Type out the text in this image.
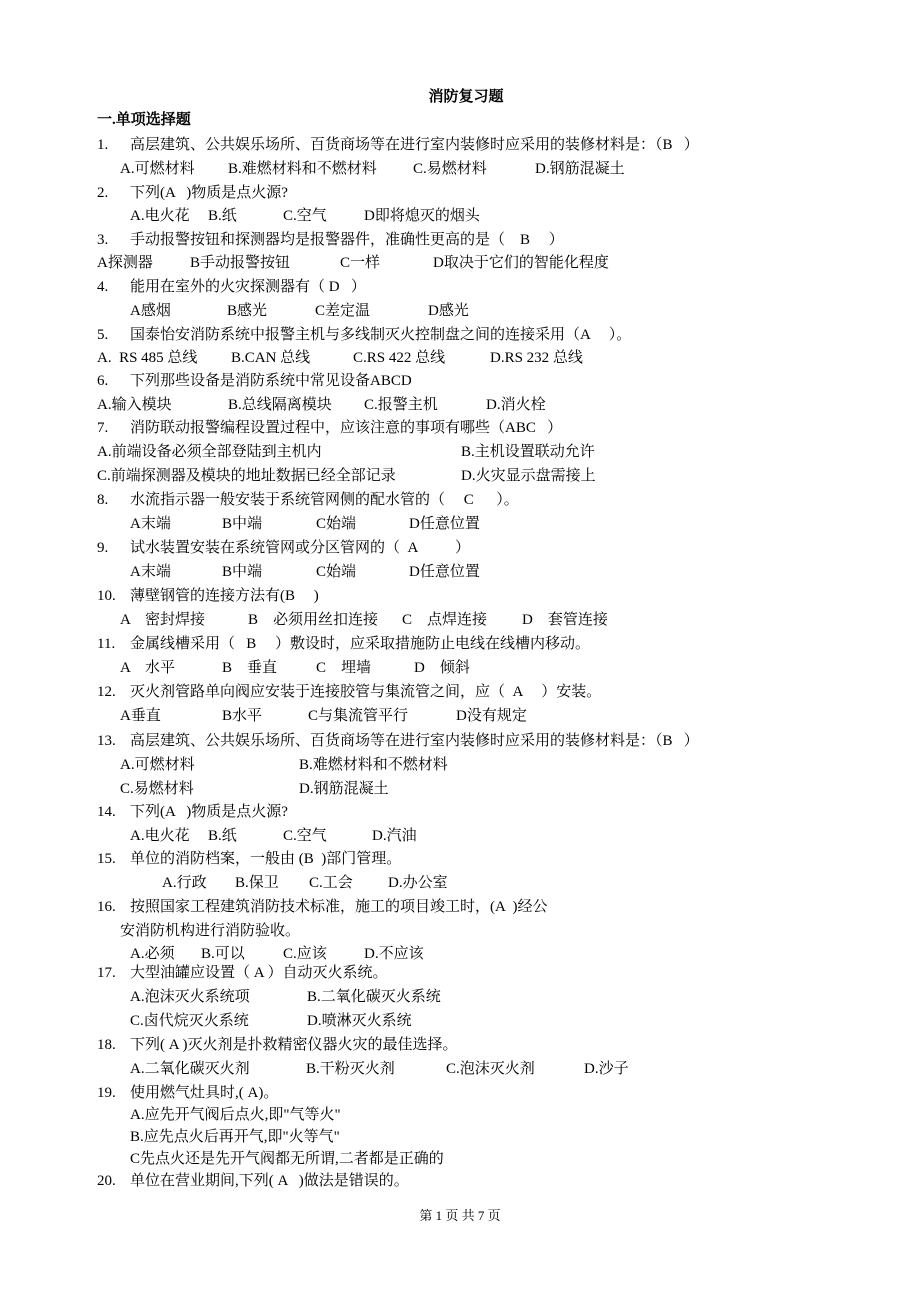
消防复习题
一.单项选择题
1. 高层建筑、公共娱乐场所、百货商场等在进行室内装修时应采用的装修材料是：（B   ）
A.可燃材料 B.难燃材料和不燃材料 C.易燃材料	D.钢筋混凝土
2. 下列(A   )物质是点火源?
A.电火花 B.纸	C.空气 D即将熄灭的烟头
3. 手动报警按钮和探测器均是报警器件，准确性更高的是（    B     ）
A探测器 B手动报警按钮	C一样	D取决于它们的智能化程度
4. 能用在室外的火灾探测器有（ D   ）
A感烟	B感光	C差定温	D感光
5. 国泰怡安消防系统中报警主机与多线制灭火控制盘之间的连接采用（A     ）。
A.  RS 485 总线 B.CAN 总线	C.RS 422 总线	D.RS 232 总线
6. 下列那些设备是消防系统中常见设备ABCD
A.输入模块	B.总线隔离模块 C.报警主机	D.消火栓
7. 消防联动报警编程设置过程中，应该注意的事项有哪些（ABC   ）
A.前端设备必须全部登陆到主机内	B.主机设置联动允许
C.前端探测器及模块的地址数据已经全部记录	D.火灾显示盘需接上
8. 水流指示器一般安装于系统管网侧的配水管的（     C      ）。
A末端	B中端	C始端	D任意位置
9. 试水装置安装在系统管网或分区管网的（  A          ）
A末端	B中端	C始端	D任意位置
10. 薄壁钢管的连接方法有(B     )
A    密封焊接	B    必须用丝扣连接 C    点焊连接 D    套管连接
11. 金属线槽采用（   B     ）敷设时，应采取措施防止电线在线槽内移动。
A    水平	B    垂直	C    埋墙	D    倾斜
12. 灭火剂管路单向阀应安装于连接胶管与集流管之间，应（  A     ）安装。
A垂直	B水平	C与集流管平行	D没有规定
13. 高层建筑、公共娱乐场所、百货商场等在进行室内装修时应采用的装修材料是：（B   ）
A.可燃材料	B.难燃材料和不燃材料
C.易燃材料	D.钢筋混凝土
14. 下列(A   )物质是点火源?
A.电火花 B.纸	C.空气	D.汽油
15. 单位的消防档案，一般由 (B  )部门管理。
A.行政 B.保卫 C.工会 D.办公室
16. 按照国家工程建筑消防技术标准，施工的项目竣工时，(A  )经公
安消防机构进行消防验收。
A.必须 B.可以	C.应该 D.不应该
17. 大型油罐应设置（ A ）自动灭火系统。
A.泡沫灭火系统项	B.二氧化碳灭火系统
C.卤代烷灭火系统	D.喷淋灭火系统
18. 下列( A )灭火剂是扑救精密仪器火灾的最佳选择。
A.二氧化碳灭火剂	B.干粉灭火剂	C.泡沫灭火剂	D.沙子
19. 使用燃气灶具时,( A)。
A.应先开气阀后点火,即"气等火"
B.应先点火后再开气,即"火等气"
C先点火还是先开气阀都无所谓,二者都是正确的
20. 单位在营业期间,下列( A   )做法是错误的。
第 1 页 共 7 页
